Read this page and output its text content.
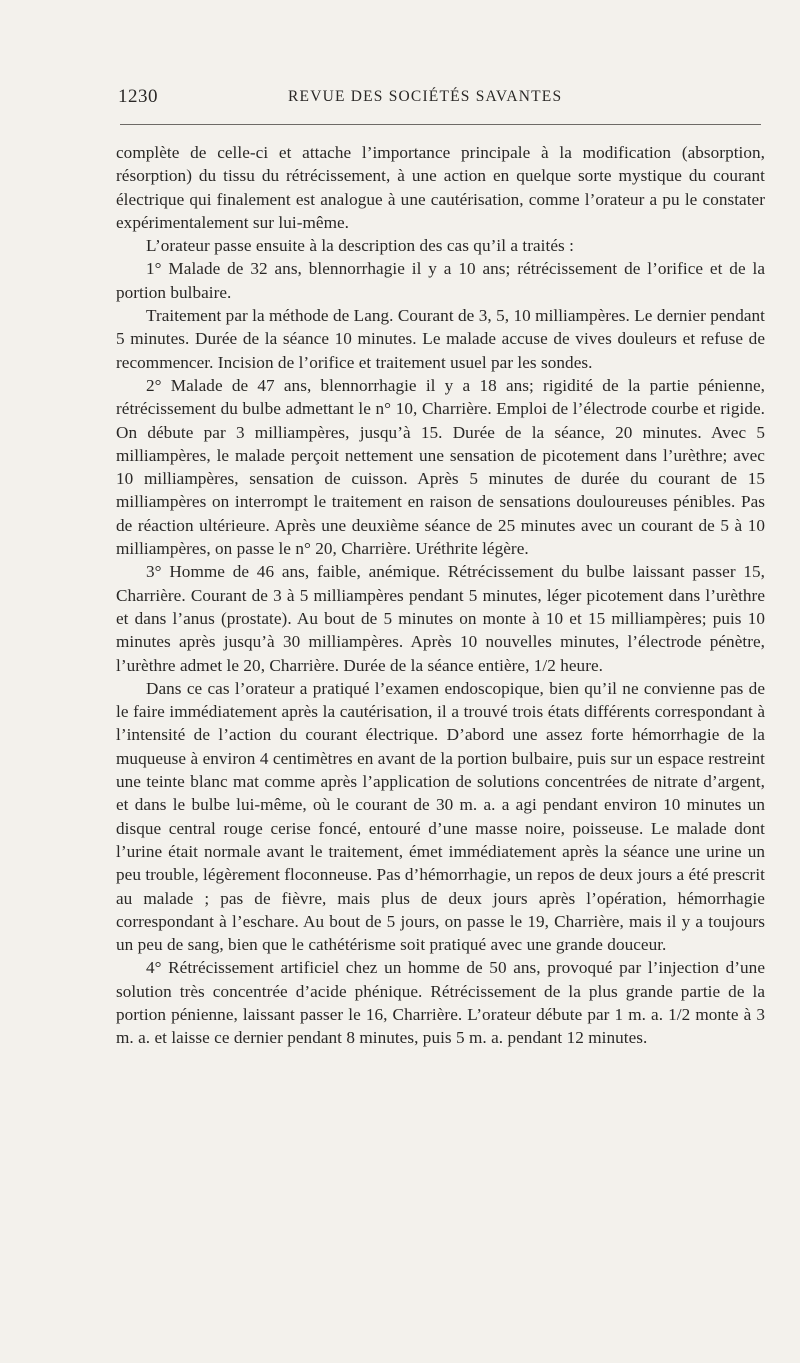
1230	REVUE DES SOCIÉTÉS SAVANTES

complète de celle-ci et attache l’importance principale à la modification (absorption, résorption) du tissu du rétrécissement, à une action en quelque sorte mystique du courant électrique qui finalement est analogue à une cautérisation, comme l’orateur a pu le constater expérimentalement sur lui-même.

L’orateur passe ensuite à la description des cas qu’il a traités :

1° Malade de 32 ans, blennorrhagie il y a 10 ans; rétrécissement de l’orifice et de la portion bulbaire.

Traitement par la méthode de Lang. Courant de 3, 5, 10 milliampères. Le dernier pendant 5 minutes. Durée de la séance 10 minutes. Le malade accuse de vives douleurs et refuse de recommencer. Incision de l’orifice et traitement usuel par les sondes.

2° Malade de 47 ans, blennorrhagie il y a 18 ans; rigidité de la partie pénienne, rétrécissement du bulbe admettant le n° 10, Charrière. Emploi de l’électrode courbe et rigide. On débute par 3 milliampères, jusqu’à 15. Durée de la séance, 20 minutes. Avec 5 milliampères, le malade perçoit nettement une sensation de picotement dans l’urèthre; avec 10 milliampères, sensation de cuisson. Après 5 minutes de durée du courant de 15 milliampères on interrompt le traitement en raison de sensations douloureuses pénibles. Pas de réaction ultérieure. Après une deuxième séance de 25 minutes avec un courant de 5 à 10 milliampères, on passe le n° 20, Charrière. Uréthrite légère.

3° Homme de 46 ans, faible, anémique. Rétrécissement du bulbe laissant passer 15, Charrière. Courant de 3 à 5 milliampères pendant 5 minutes, léger picotement dans l’urèthre et dans l’anus (prostate). Au bout de 5 minutes on monte à 10 et 15 milliampères; puis 10 minutes après jusqu’à 30 milliampères. Après 10 nouvelles minutes, l’électrode pénètre, l’urèthre admet le 20, Charrière. Durée de la séance entière, 1/2 heure.

Dans ce cas l’orateur a pratiqué l’examen endoscopique, bien qu’il ne convienne pas de le faire immédiatement après la cautérisation, il a trouvé trois états différents correspondant à l’intensité de l’action du courant électrique. D’abord une assez forte hémorrhagie de la muqueuse à environ 4 centimètres en avant de la portion bulbaire, puis sur un espace restreint une teinte blanc mat comme après l’application de solutions concentrées de nitrate d’argent, et dans le bulbe lui-même, où le courant de 30 m. a. a agi pendant environ 10 minutes un disque central rouge cerise foncé, entouré d’une masse noire, poisseuse. Le malade dont l’urine était normale avant le traitement, émet immédiatement après la séance une urine un peu trouble, légèrement floconneuse. Pas d’hémorrhagie, un repos de deux jours a été prescrit au malade ; pas de fièvre, mais plus de deux jours après l’opération, hémorrhagie correspondant à l’eschare. Au bout de 5 jours, on passe le 19, Charrière, mais il y a toujours un peu de sang, bien que le cathétérisme soit pratiqué avec une grande douceur.

4° Rétrécissement artificiel chez un homme de 50 ans, provoqué par l’injection d’une solution très concentrée d’acide phénique. Rétrécissement de la plus grande partie de la portion pénienne, laissant passer le 16, Charrière. L’orateur débute par 1 m. a. 1/2 monte à 3 m. a. et laisse ce dernier pendant 8 minutes, puis 5 m. a. pendant 12 minutes.
